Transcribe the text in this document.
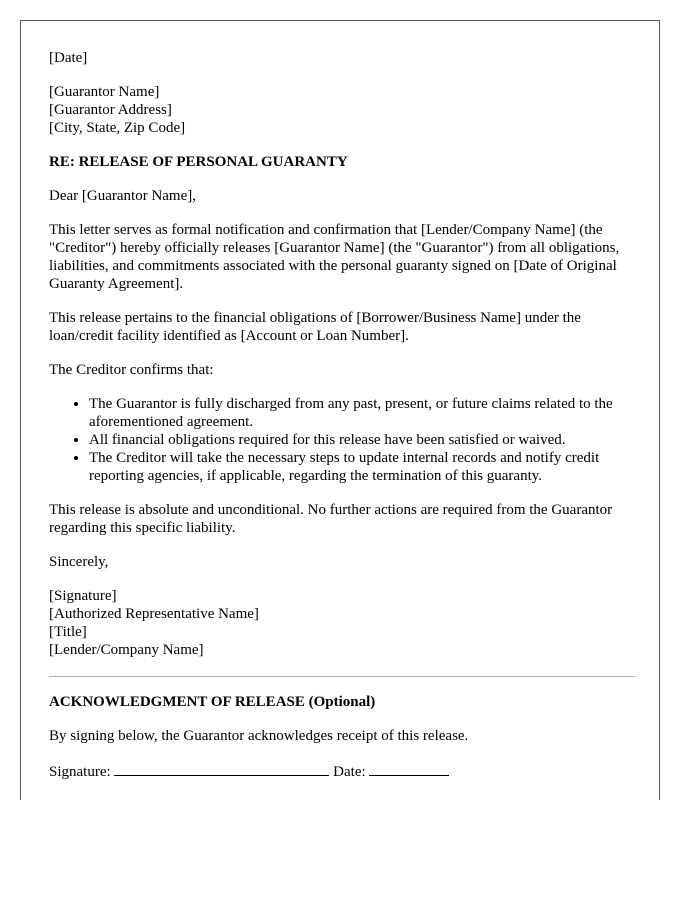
[Date]

[Guarantor Name]
[Guarantor Address]
[City, State, Zip Code]

RE: RELEASE OF PERSONAL GUARANTY

Dear [Guarantor Name],

This letter serves as formal notification and confirmation that [Lender/Company Name] (the "Creditor") hereby officially releases [Guarantor Name] (the "Guarantor") from all obligations, liabilities, and commitments associated with the personal guaranty signed on [Date of Original Guaranty Agreement].

This release pertains to the financial obligations of [Borrower/Business Name] under the loan/credit facility identified as [Account or Loan Number].

The Creditor confirms that:

• The Guarantor is fully discharged from any past, present, or future claims related to the aforementioned agreement.
• All financial obligations required for this release have been satisfied or waived.
• The Creditor will take the necessary steps to update internal records and notify credit reporting agencies, if applicable, regarding the termination of this guaranty.

This release is absolute and unconditional. No further actions are required from the Guarantor regarding this specific liability.

Sincerely,

[Signature]
[Authorized Representative Name]
[Title]
[Lender/Company Name]

ACKNOWLEDGMENT OF RELEASE (Optional)

By signing below, the Guarantor acknowledges receipt of this release.

Signature:	Date:
